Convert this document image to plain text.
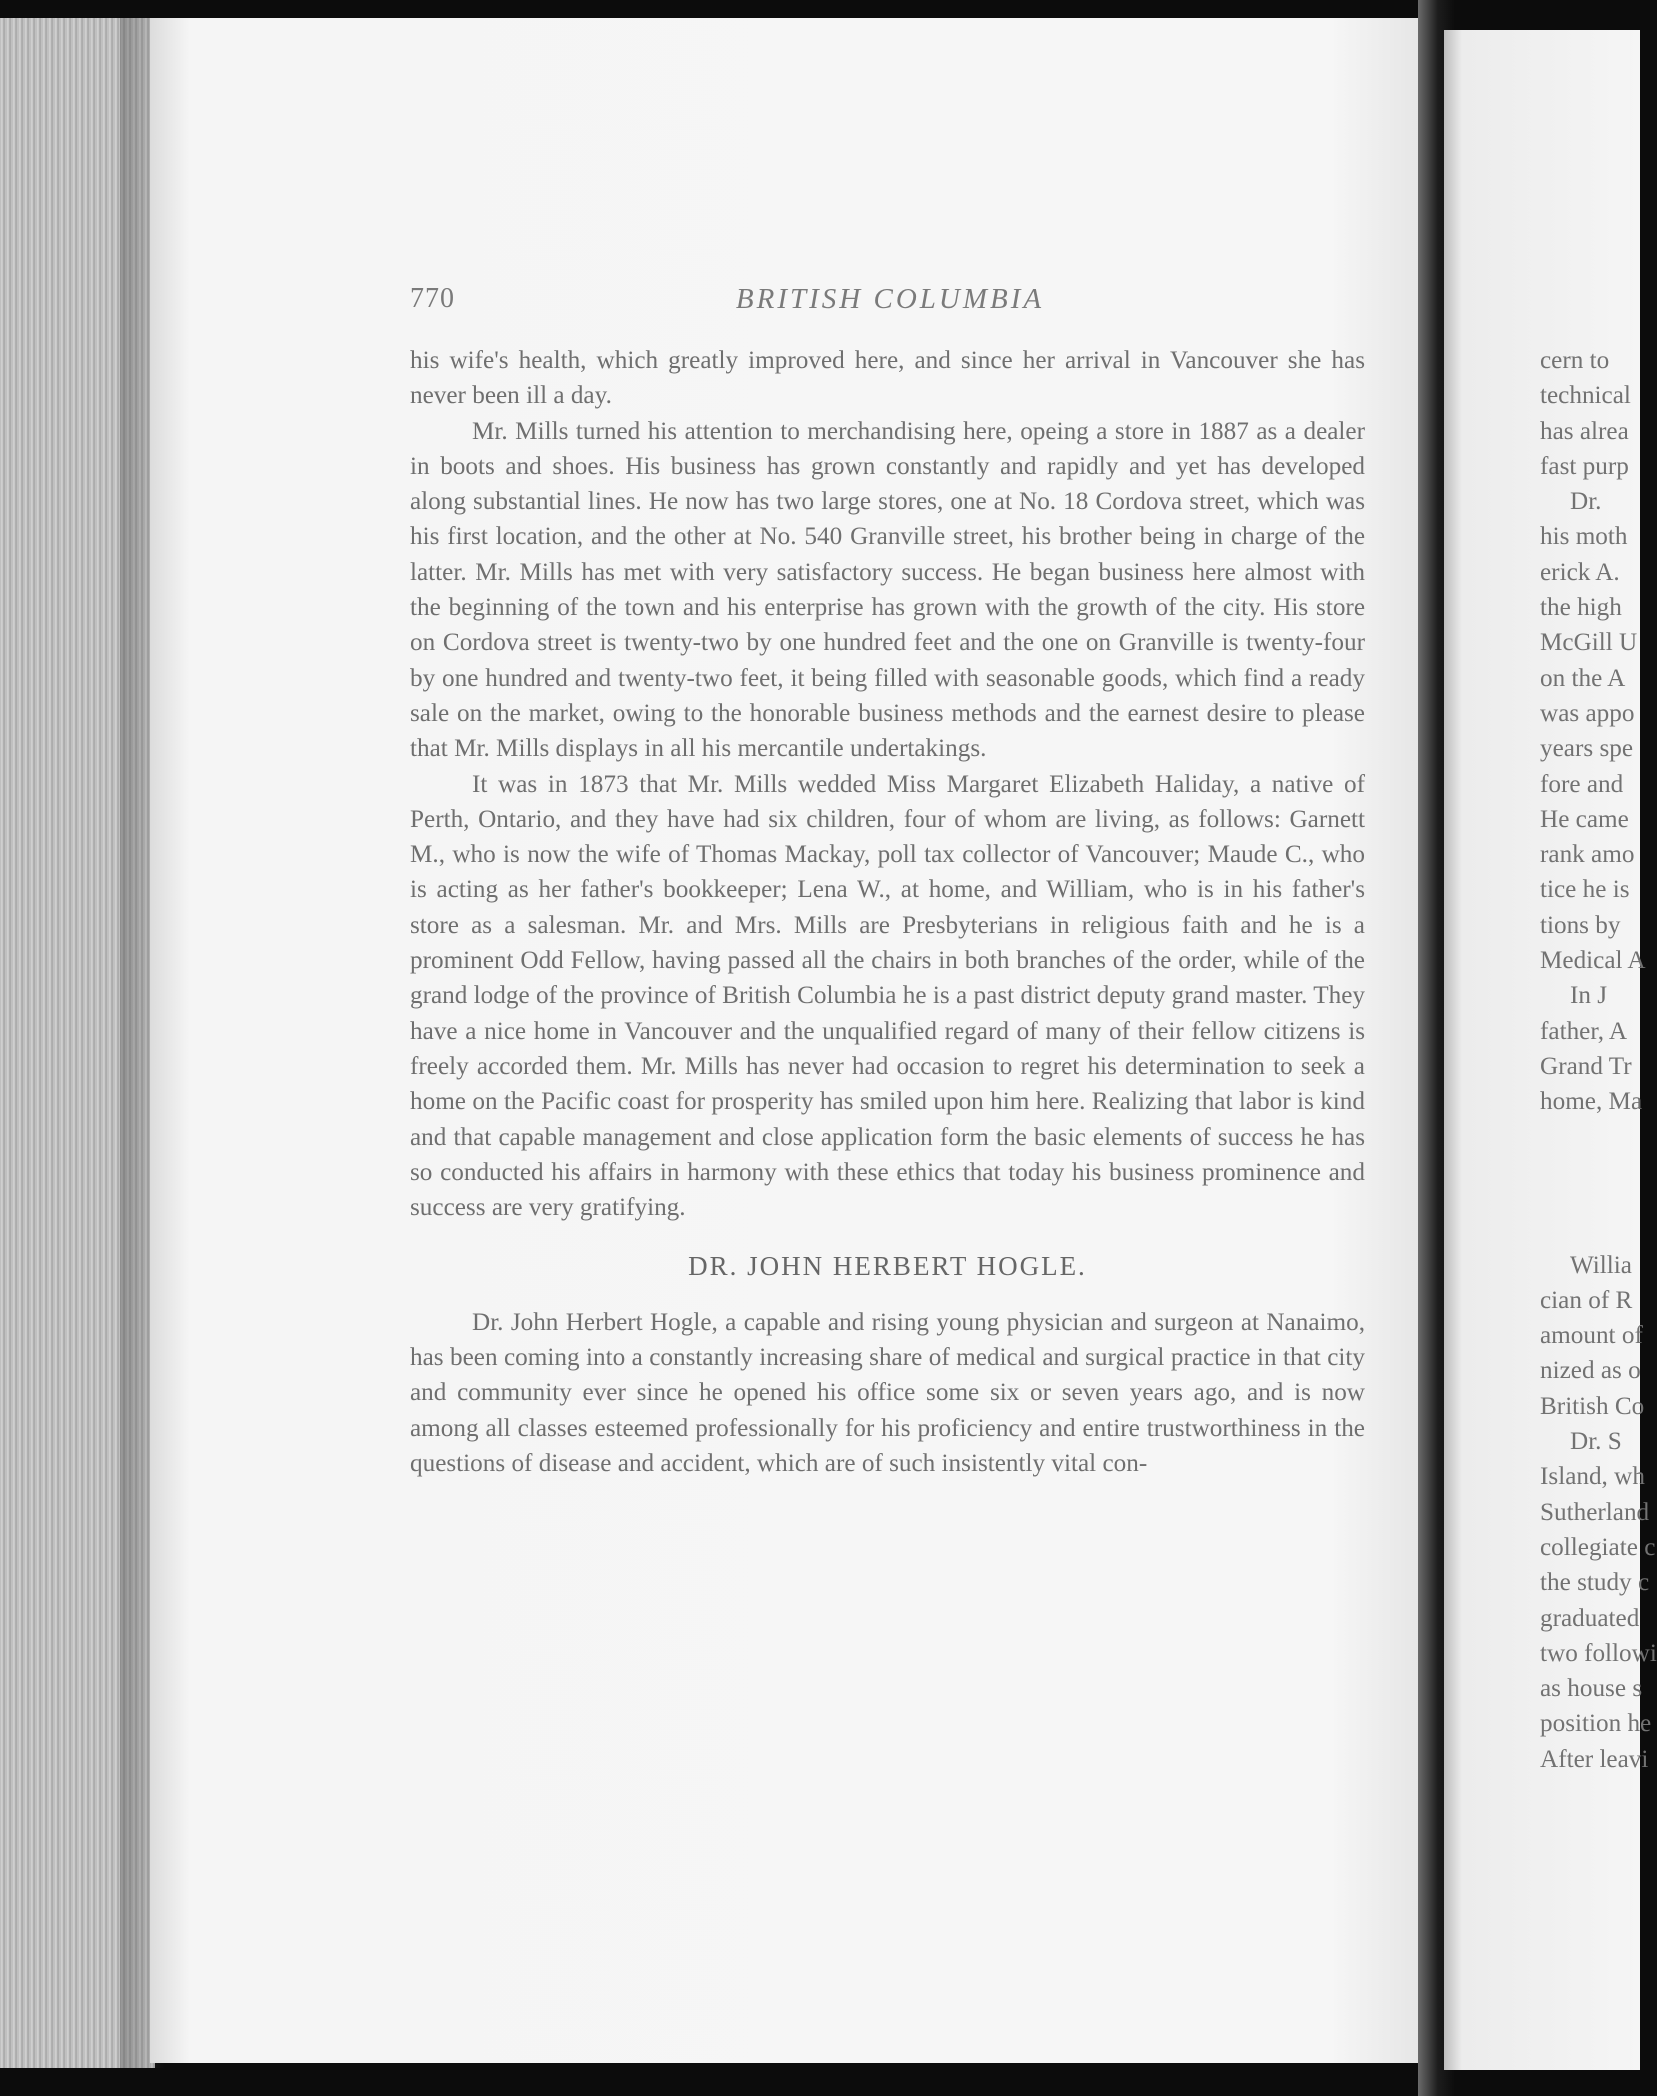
770	BRITISH COLUMBIA

his wife's health, which greatly improved here, and since her arrival in Vancouver she has never been ill a day.

Mr. Mills turned his attention to merchandising here, opeing a store in 1887 as a dealer in boots and shoes. His business has grown constantly and rapidly and yet has developed along substantial lines. He now has two large stores, one at No. 18 Cordova street, which was his first location, and the other at No. 540 Granville street, his brother being in charge of the latter. Mr. Mills has met with very satisfactory success. He began business here almost with the beginning of the town and his enterprise has grown with the growth of the city. His store on Cordova street is twenty-two by one hundred feet and the one on Granville is twenty-four by one hundred and twenty-two feet, it being filled with seasonable goods, which find a ready sale on the market, owing to the honorable business methods and the earnest desire to please that Mr. Mills displays in all his mercantile undertakings.

It was in 1873 that Mr. Mills wedded Miss Margaret Elizabeth Haliday, a native of Perth, Ontario, and they have had six children, four of whom are living, as follows: Garnett M., who is now the wife of Thomas Mackay, poll tax collector of Vancouver; Maude C., who is acting as her father's bookkeeper; Lena W., at home, and William, who is in his father's store as a salesman. Mr. and Mrs. Mills are Presbyterians in religious faith and he is a prominent Odd Fellow, having passed all the chairs in both branches of the order, while of the grand lodge of the province of British Columbia he is a past district deputy grand master. They have a nice home in Vancouver and the unqualified regard of many of their fellow citizens is freely accorded them. Mr. Mills has never had occasion to regret his determination to seek a home on the Pacific coast for prosperity has smiled upon him here. Realizing that labor is kind and that capable management and close application form the basic elements of success he has so conducted his affairs in harmony with these ethics that today his business prominence and success are very gratifying.

DR. JOHN HERBERT HOGLE.

Dr. John Herbert Hogle, a capable and rising young physician and surgeon at Nanaimo, has been coming into a constantly increasing share of medical and surgical practice in that city and community ever since he opened his office some six or seven years ago, and is now among all classes esteemed professionally for his proficiency and entire trustworthiness in the questions of disease and accident, which are of such insistently vital con-

cern to
technical
has alrea
fast purp
Dr.
his moth
erick A.
the high
McGill U
on the A
was appo
years spe
fore and
He came
rank amo
tice he is
tions by
Medical A
In J
father, A
Grand Tr
home, Ma
Willia
cian of R
amount of
nized as o
British Co
Dr. S
Island, wh
Sutherland
collegiate c
the study c
graduated
two followi
as house s
position he
After leavi
